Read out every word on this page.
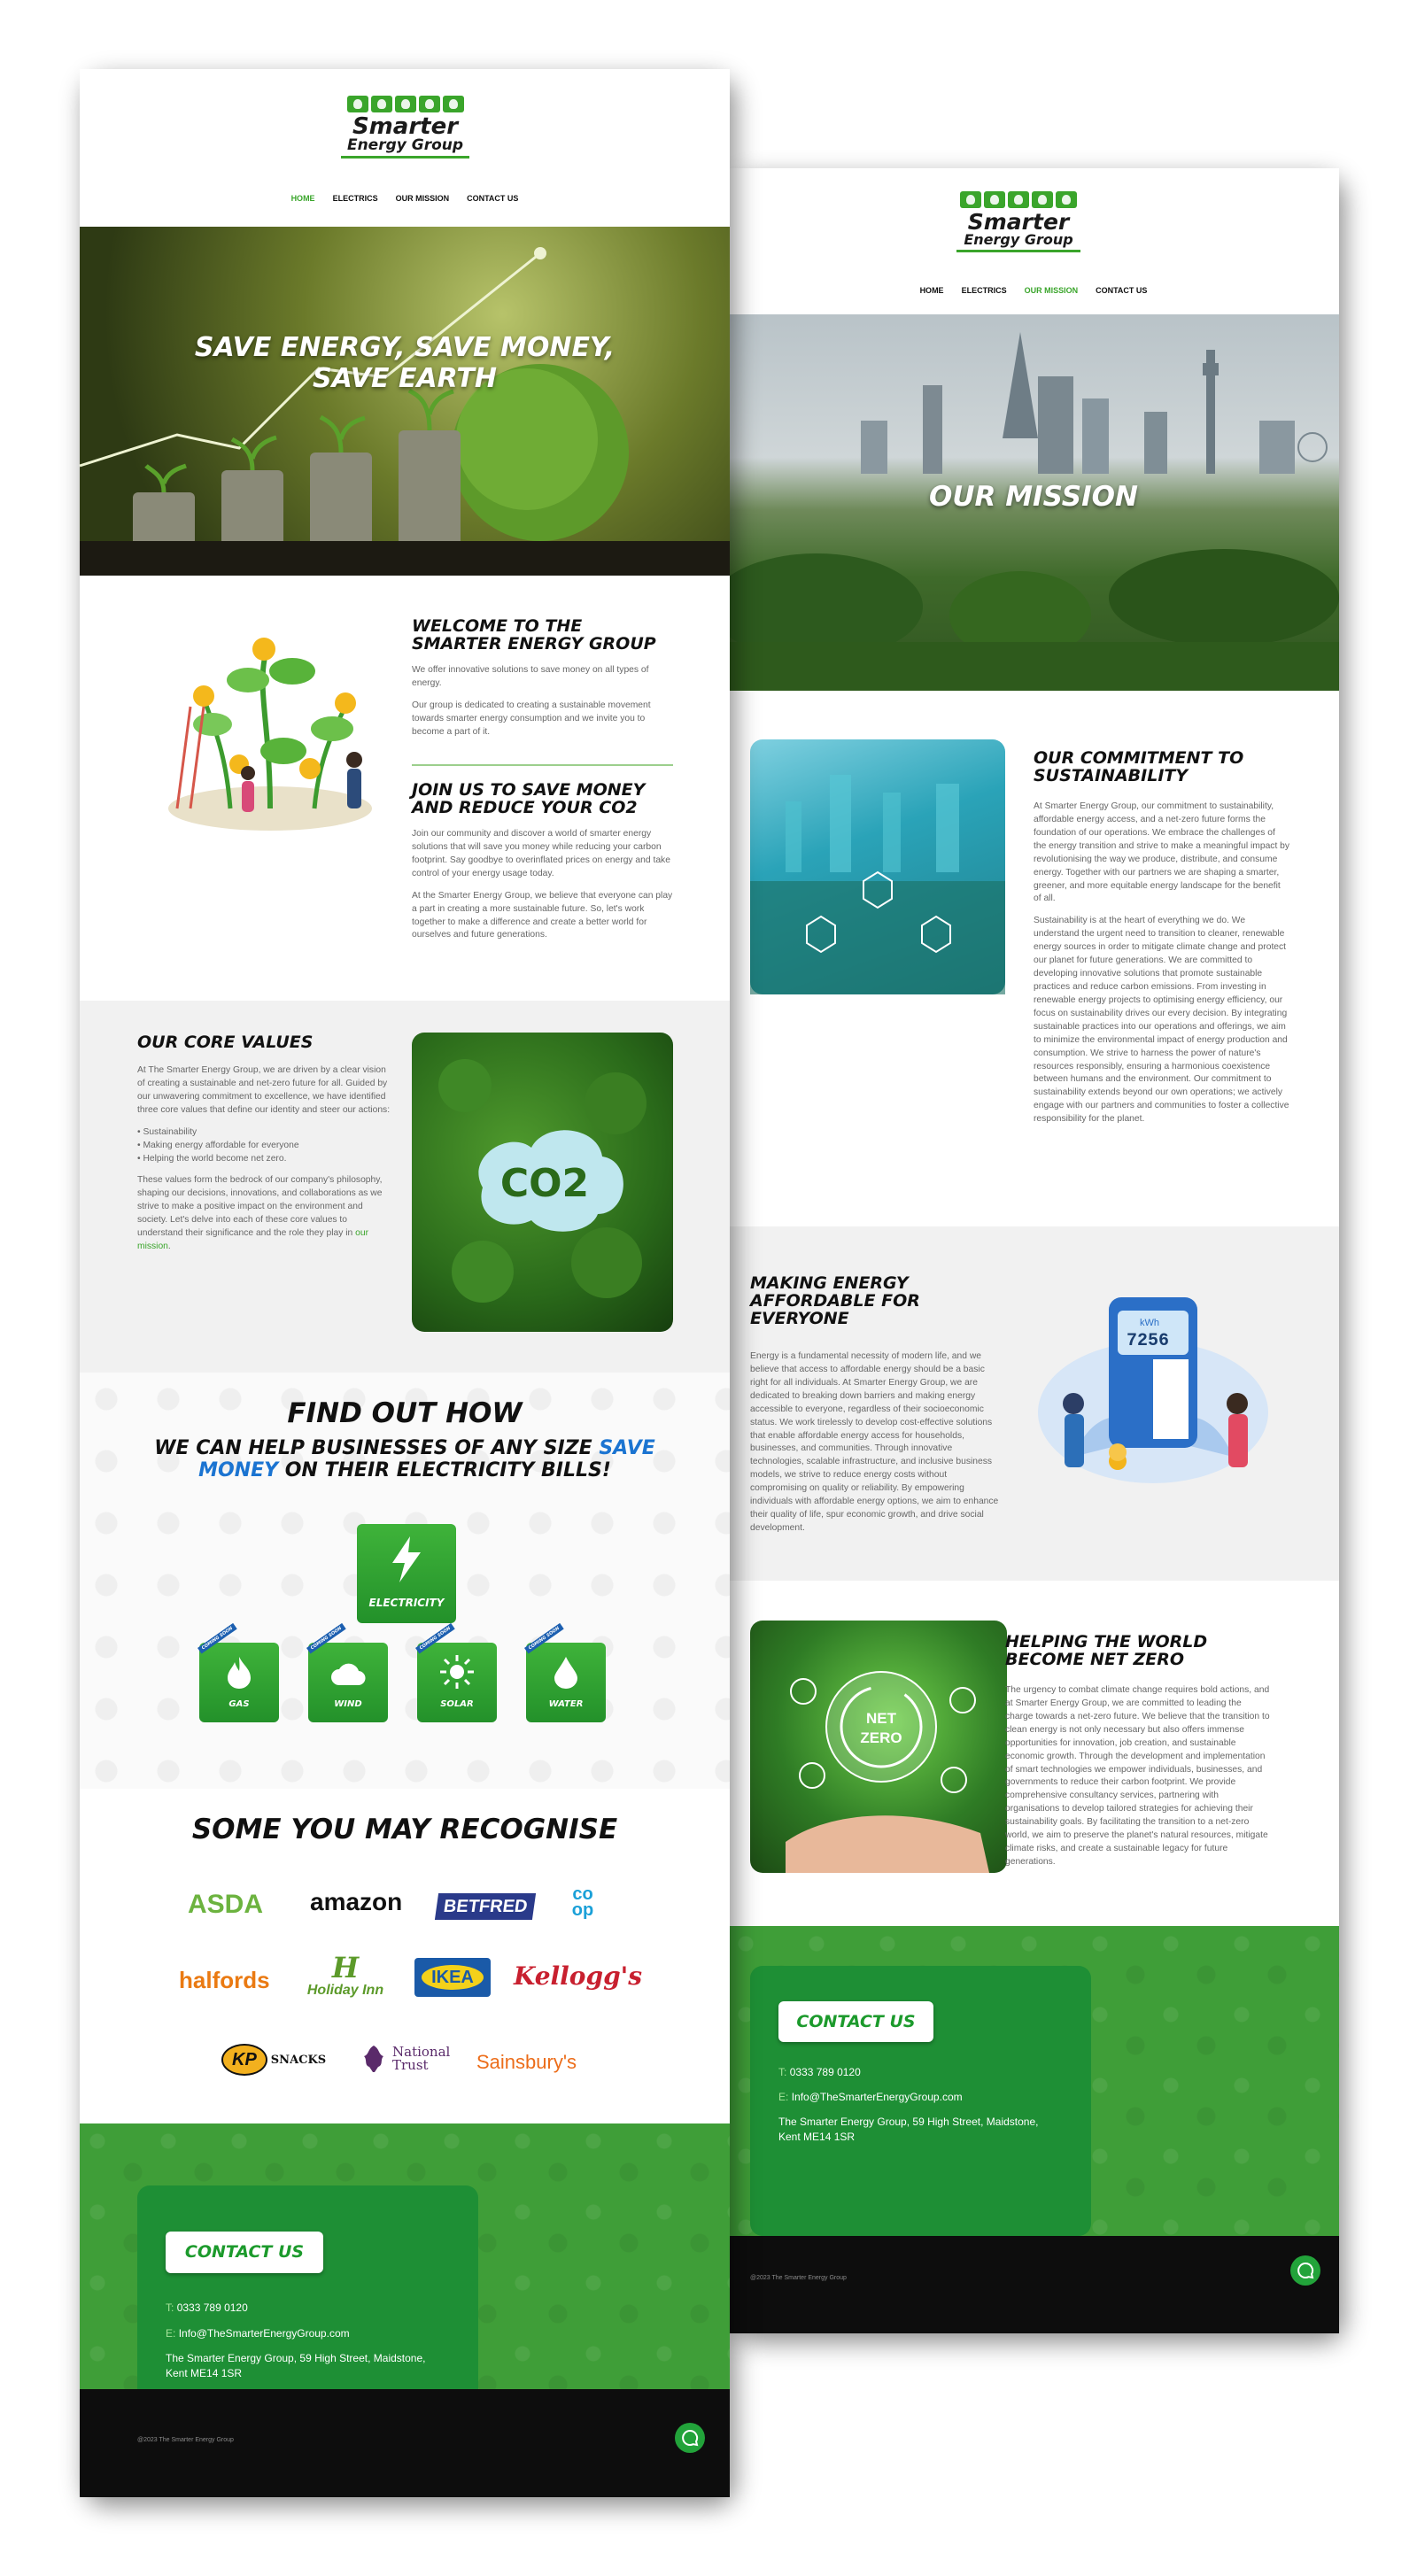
Smarter
Energy Group
HOME ELECTRICS OUR MISSION CONTACT US
OUR MISSION
OUR COMMITMENT TO
SUSTAINABILITY

At Smarter Energy Group, our commitment to sustainability, affordable energy access, and a net-zero future forms the foundation of our operations. We embrace the challenges of the energy transition and strive to make a meaningful impact by revolutionising the way we produce, distribute, and consume energy. Together with our partners we are shaping a smarter, greener, and more equitable energy landscape for the benefit of all.

Sustainability is at the heart of everything we do. We understand the urgent need to transition to cleaner, renewable energy sources in order to mitigate climate change and protect our planet for future generations. We are committed to developing innovative solutions that promote sustainable practices and reduce carbon emissions. From investing in renewable energy projects to optimising energy efficiency, our focus on sustainability drives our every decision. By integrating sustainable practices into our operations and offerings, we aim to minimize the environmental impact of energy production and consumption. We strive to harness the power of nature's resources responsibly, ensuring a harmonious coexistence between humans and the environment. Our commitment to sustainability extends beyond our own operations; we actively engage with our partners and communities to foster a collective responsibility for the planet.

MAKING ENERGY
AFFORDABLE FOR
EVERYONE

Energy is a fundamental necessity of modern life, and we believe that access to affordable energy should be a basic right for all individuals. At Smarter Energy Group, we are dedicated to breaking down barriers and making energy accessible to everyone, regardless of their socioeconomic status. We work tirelessly to develop cost-effective solutions that enable affordable energy access for households, businesses, and communities. Through innovative technologies, scalable infrastructure, and inclusive business models, we strive to reduce energy costs without compromising on quality or reliability. By empowering individuals with affordable energy options, we aim to enhance their quality of life, spur economic growth, and drive social development.

kWh
7256
NET
ZERO
HELPING THE WORLD
BECOME NET ZERO

The urgency to combat climate change requires bold actions, and at Smarter Energy Group, we are committed to leading the charge towards a net-zero future. We believe that the transition to clean energy is not only necessary but also offers immense opportunities for innovation, job creation, and sustainable economic growth. Through the development and implementation of smart technologies we empower individuals, businesses, and governments to reduce their carbon footprint. We provide comprehensive consultancy services, partnering with organisations to develop tailored strategies for achieving their sustainability goals. By facilitating the transition to a net-zero world, we aim to preserve the planet's natural resources, mitigate climate risks, and create a sustainable legacy for future generations.

CONTACT US
T: 0333 789 0120
E: Info@TheSmarterEnergyGroup.com
The Smarter Energy Group, 59 High Street, Maidstone, Kent ME14 1SR
@2023 The Smarter Energy Group
Smarter
Energy Group
HOME ELECTRICS OUR MISSION CONTACT US
SAVE ENERGY, SAVE MONEY,
SAVE EARTH
WELCOME TO THE
SMARTER ENERGY GROUP

We offer innovative solutions to save money on all types of energy.

Our group is dedicated to creating a sustainable movement towards smarter energy consumption and we invite you to become a part of it.

JOIN US TO SAVE MONEY
AND REDUCE YOUR CO2

Join our community and discover a world of smarter energy solutions that will save you money while reducing your carbon footprint. Say goodbye to overinflated prices on energy and take control of your energy usage today.

At the Smarter Energy Group, we believe that everyone can play a part in creating a more sustainable future. So, let's work together to make a difference and create a better world for ourselves and future generations.

OUR CORE VALUES

At The Smarter Energy Group, we are driven by a clear vision of creating a sustainable and net-zero future for all. Guided by our unwavering commitment to excellence, we have identified three core values that define our identity and steer our actions:

• Sustainability
• Making energy affordable for everyone
• Helping the world become net zero.

These values form the bedrock of our company's philosophy, shaping our decisions, innovations, and collaborations as we strive to make a positive impact on the environment and society. Let's delve into each of these core values to understand their significance and the role they play in our mission.

CO2
FIND OUT HOW
WE CAN HELP BUSINESSES OF ANY SIZE SAVE
MONEY ON THEIR ELECTRICITY BILLS!
ELECTRICITY
COMING SOON
GAS
COMING SOON
WIND
COMING SOON
SOLAR
COMING SOON
WATER
SOME YOU MAY RECOGNISE
ASDA amazon	BETFRED
co op
halfords	H
Holiday Inn
IKEA	Kellogg's
KP	SNACKS	National
Trust	Sainsbury's
CONTACT US
T: 0333 789 0120
E: Info@TheSmarterEnergyGroup.com
The Smarter Energy Group, 59 High Street, Maidstone, Kent ME14 1SR
@2023 The Smarter Energy Group
